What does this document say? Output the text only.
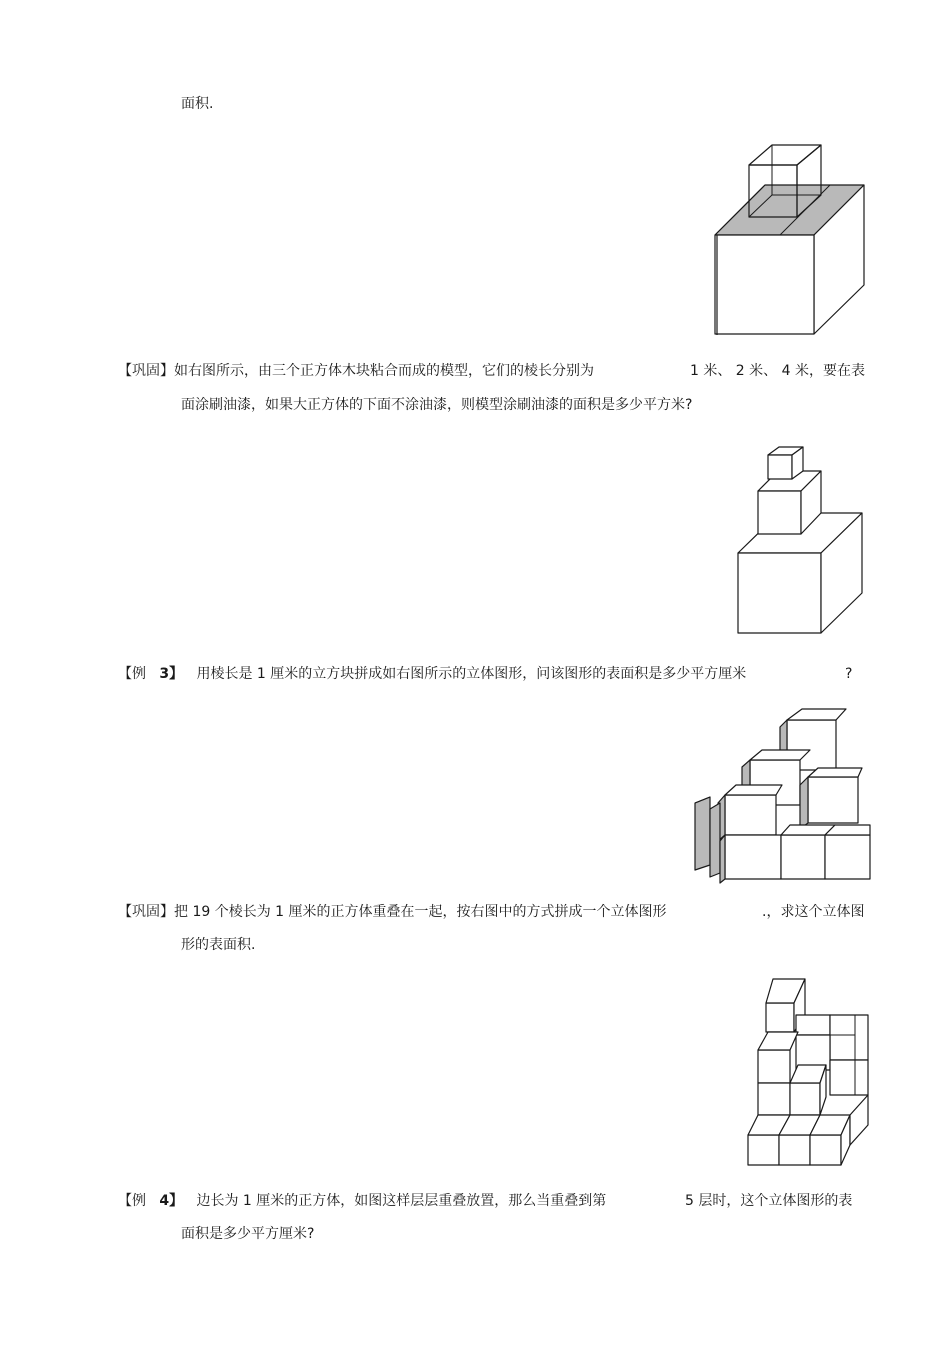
面积.
【巩固】如右图所示，由三个正方体木块粘合而成的模型，它们的棱长分别为	1 米、 2 米、 4 米，要在表
面涂刷油漆，如果大正方体的下面不涂油漆，则模型涂刷油漆的面积是多少平方米?
【例 3】 用棱长是 1 厘米的立方块拼成如右图所示的立体图形，问该图形的表面积是多少平方厘米	?
【巩固】把 19 个棱长为 1 厘米的正方体重叠在一起，按右图中的方式拼成一个立体图形	.，求这个立体图
形的表面积.
【例 4】 边长为 1 厘米的正方体，如图这样层层重叠放置，那么当重叠到第	5 层时，这个立体图形的表
面积是多少平方厘米?
